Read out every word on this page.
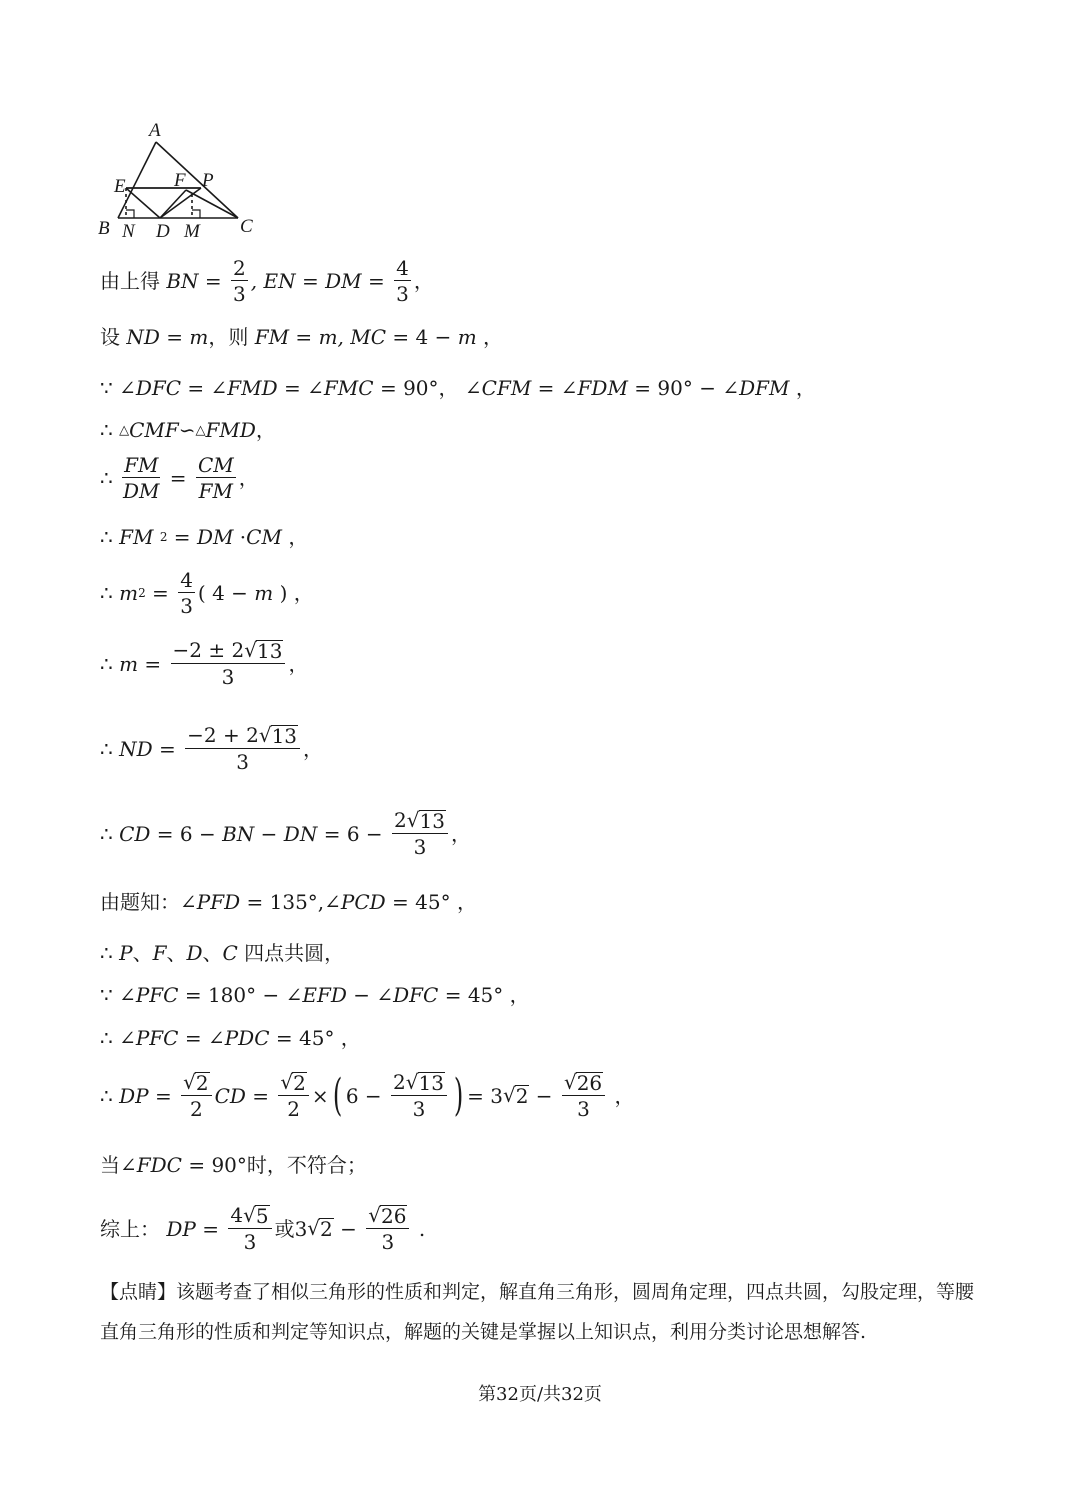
A
E	F P
B N D M C
由上得 BN = $\frac{2}{3}$ , EN = DM = $\frac{4}{3}$ ，
设 ND = m ，则 FM = m, MC = 4 − m
，
∵ ∠ DFC = ∠ FMD = ∠ FMC = 90° ， ∠ CFM = ∠ FDM = 90° − ∠ DFM
，
∴ △ CMF ∽ △ FMD ，
∴ $\frac{FM}{DM} = \frac{CM}{FM}$ ，
∴ FM
2 = DM · CM
，
∴ m $2 = \frac{4}{3}$ ( 4 − m ) ，
∴ $m = \frac{-2 \pm 2 √ 13}{3}$ ，
∴ ND = $\frac{-2 + 2 √ 13}{3}$ ，
∴ CD = 6 − BN − DN = $6 - \frac{2 √ 13}{3}$ ，
由题知： ∠ PFD = 135°,∠ PCD = 45° ，
∴ P 、 F 、 D 、 C
四点共圆，
∵ ∠ PFC = 180° − ∠ EFD − ∠ DFC = 45° ，
∴ ∠ PFC = ∠ PDC = 45° ，
∴ DP = $\frac{√ 2}{2}$ CD = $\frac{√ 2}{2}$ × ( $6 - \frac{2 √ 13}{3}$ ) = 3 √ $2 - \frac{√ 26}{3}$
，
当 ∠ FDC = 90° 时，不符合；
综上：
DP = $\frac{4 √ 5}{3}$ 或 3 √ $2 - \frac{√ 26}{3}$
.
【点睛】该题考查了相似三角形的性质和判定，解直角三角形，圆周角定理，四点共圆，勾股定理，等腰直角三角形的性质和判定等知识点，解题的关键是掌握以上知识点，利用分类讨论思想解答.
第32页/共32页
